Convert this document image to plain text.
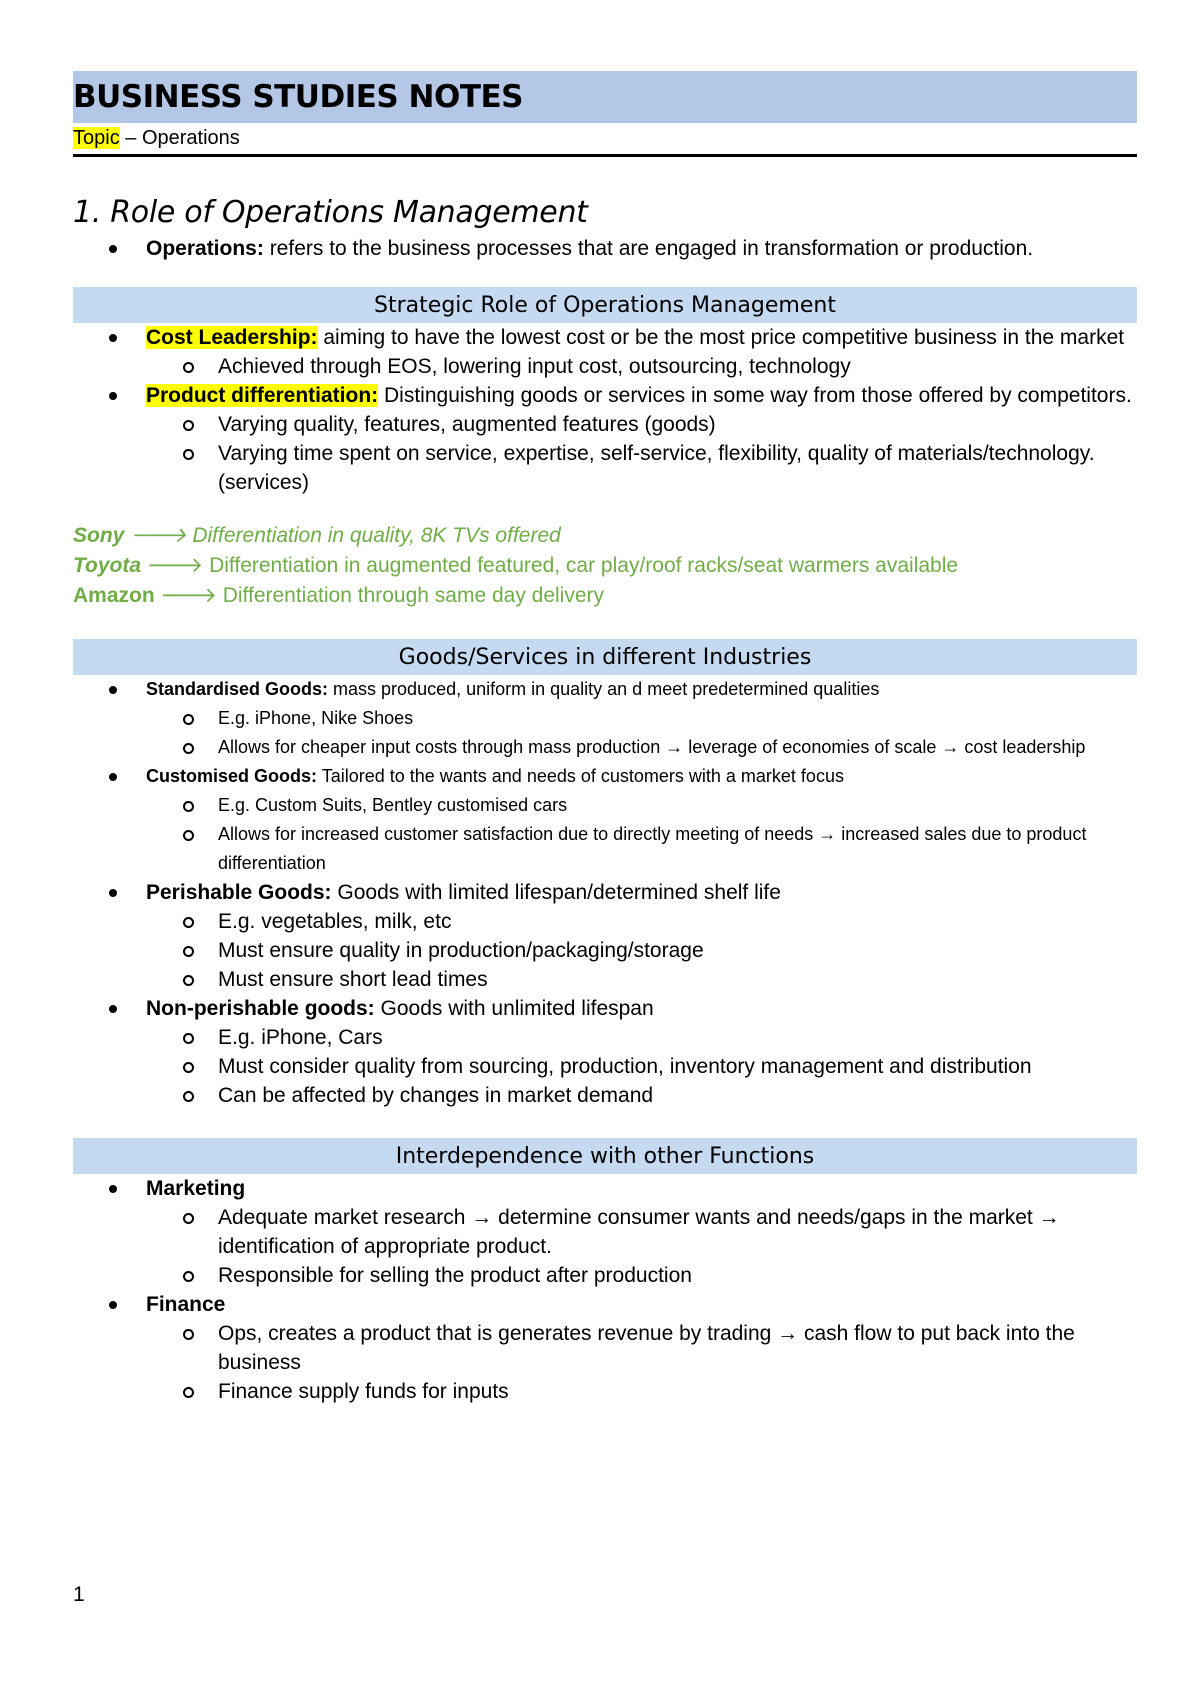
BUSINESS STUDIES NOTES
Topic – Operations
1. Role of Operations Management
Operations: refers to the business processes that are engaged in transformation or production.
Strategic Role of Operations Management
Cost Leadership: aiming to have the lowest cost or be the most price competitive business in the market
Achieved through EOS, lowering input cost, outsourcing, technology
Product differentiation: Distinguishing goods or services in some way from those offered by competitors.
Varying quality, features, augmented features (goods)
Varying time spent on service, expertise, self-service, flexibility, quality of materials/technology. (services)
Sony 🡒 Differentiation in quality, 8K TVs offered
Toyota 🡒 Differentiation in augmented featured, car play/roof racks/seat warmers available
Amazon 🡒 Differentiation through same day delivery
Goods/Services in different Industries
Standardised Goods: mass produced, uniform in quality an d meet predetermined qualities
E.g. iPhone, Nike Shoes
Allows for cheaper input costs through mass production → leverage of economies of scale → cost leadership
Customised Goods: Tailored to the wants and needs of customers with a market focus
E.g. Custom Suits, Bentley customised cars
Allows for increased customer satisfaction due to directly meeting of needs → increased sales due to product differentiation
Perishable Goods: Goods with limited lifespan/determined shelf life
E.g. vegetables, milk, etc
Must ensure quality in production/packaging/storage
Must ensure short lead times
Non-perishable goods: Goods with unlimited lifespan
E.g. iPhone, Cars
Must consider quality from sourcing, production, inventory management and distribution
Can be affected by changes in market demand
Interdependence with other Functions
Marketing
Adequate market research → determine consumer wants and needs/gaps in the market → identification of appropriate product.
Responsible for selling the product after production
Finance
Ops, creates a product that is generates revenue by trading → cash flow to put back into the business
Finance supply funds for inputs
1
